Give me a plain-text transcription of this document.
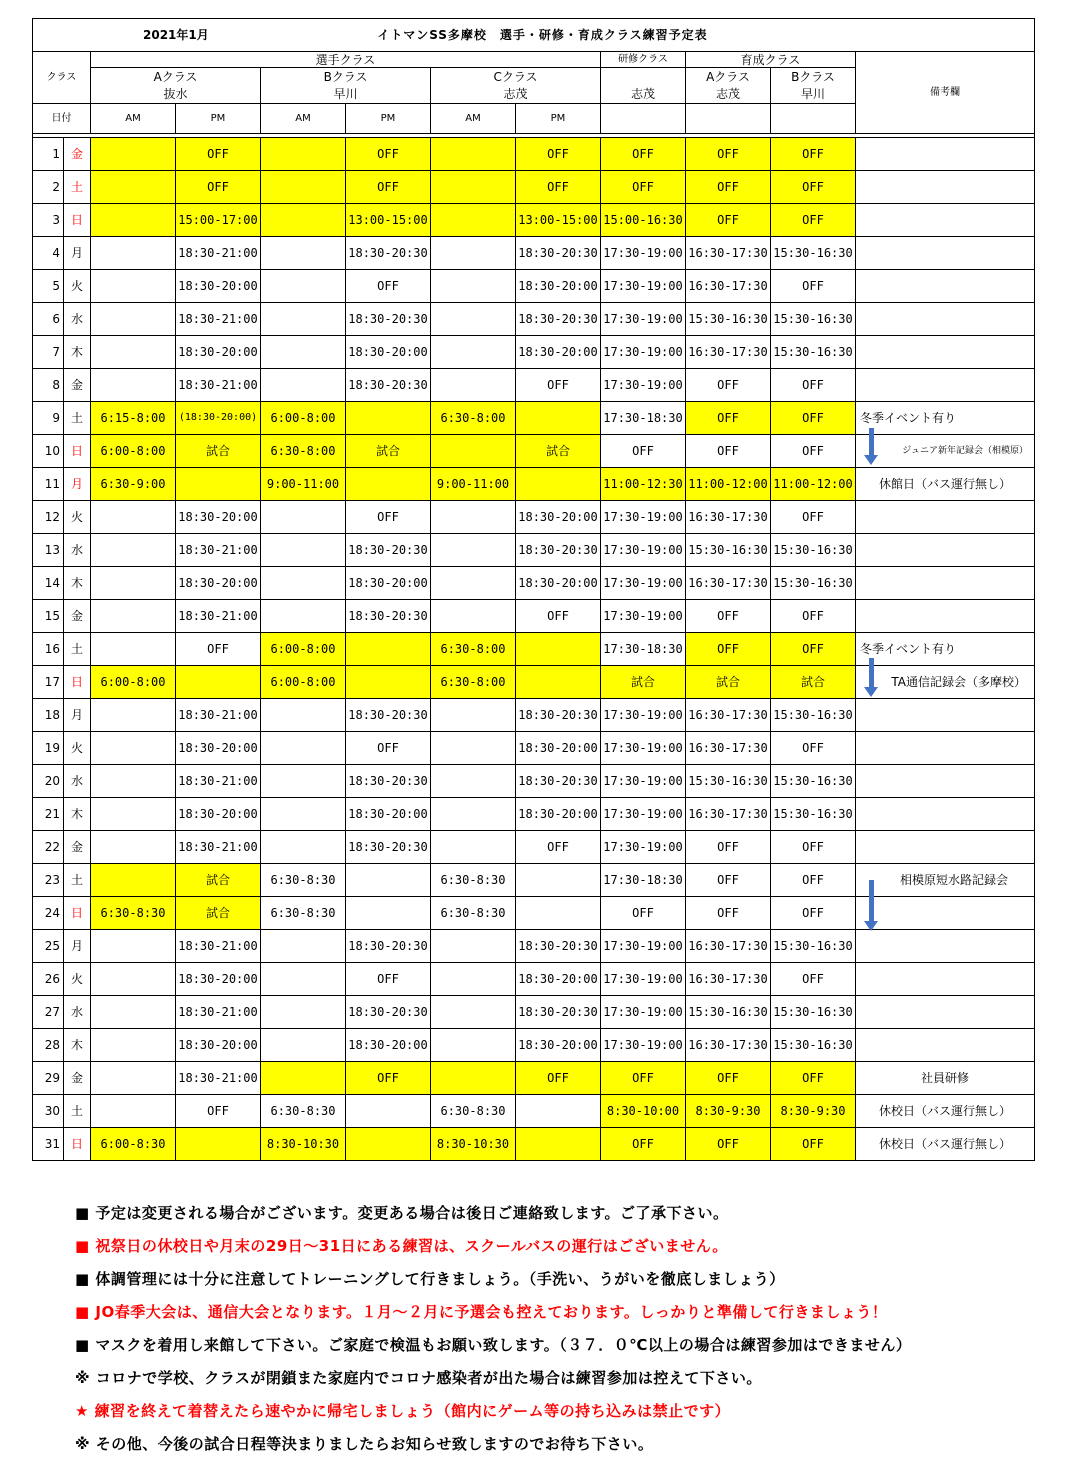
2021年1月 イトマンSS多摩校　選手・研修・育成クラス練習予定表											
クラス		選手クラス						研修クラス	育成クラス		備考欄
		Aクラス		Bクラス		Cクラス		志茂	Aクラス	Bクラス	
		抜水		早川		志茂			志茂	早川	
日付		AM	PM	AM	PM	AM	PM				

1	金		OFF		OFF		OFF	OFF	OFF	OFF	
2	土		OFF		OFF		OFF	OFF	OFF	OFF	
3	日		15:00-17:00		13:00-15:00		13:00-15:00	15:00-16:30	OFF	OFF	
4	月		18:30-21:00		18:30-20:30		18:30-20:30	17:30-19:00	16:30-17:30	15:30-16:30	
5	火		18:30-20:00		OFF		18:30-20:00	17:30-19:00	16:30-17:30	OFF	
6	水		18:30-21:00		18:30-20:30		18:30-20:30	17:30-19:00	15:30-16:30	15:30-16:30	
7	木		18:30-20:00		18:30-20:00		18:30-20:00	17:30-19:00	16:30-17:30	15:30-16:30	
8	金		18:30-21:00		18:30-20:30		OFF	17:30-19:00	OFF	OFF	
9	土	6:15-8:00	(18:30-20:00)	6:00-8:00		6:30-8:00		17:30-18:30	OFF	OFF	冬季イベント有り
10	日	6:00-8:00	試合	6:30-8:00	試合		試合	OFF	OFF	OFF	ジュニア新年記録会（相模原）
11	月	6:30-9:00		9:00-11:00		9:00-11:00		11:00-12:30	11:00-12:00	11:00-12:00	休館日（バス運行無し）
12	火		18:30-20:00		OFF		18:30-20:00	17:30-19:00	16:30-17:30	OFF	
13	水		18:30-21:00		18:30-20:30		18:30-20:30	17:30-19:00	15:30-16:30	15:30-16:30	
14	木		18:30-20:00		18:30-20:00		18:30-20:00	17:30-19:00	16:30-17:30	15:30-16:30	
15	金		18:30-21:00		18:30-20:30		OFF	17:30-19:00	OFF	OFF	
16	土		OFF	6:00-8:00		6:30-8:00		17:30-18:30	OFF	OFF	冬季イベント有り
17	日	6:00-8:00		6:00-8:00		6:30-8:00		試合	試合	試合	TA通信記録会（多摩校）
18	月		18:30-21:00		18:30-20:30		18:30-20:30	17:30-19:00	16:30-17:30	15:30-16:30	
19	火		18:30-20:00		OFF		18:30-20:00	17:30-19:00	16:30-17:30	OFF	
20	水		18:30-21:00		18:30-20:30		18:30-20:30	17:30-19:00	15:30-16:30	15:30-16:30	
21	木		18:30-20:00		18:30-20:00		18:30-20:00	17:30-19:00	16:30-17:30	15:30-16:30	
22	金		18:30-21:00		18:30-20:30		OFF	17:30-19:00	OFF	OFF	
23	土		試合	6:30-8:30		6:30-8:30		17:30-18:30	OFF	OFF	相模原短水路記録会
24	日	6:30-8:30	試合	6:30-8:30		6:30-8:30		OFF	OFF	OFF	
25	月		18:30-21:00		18:30-20:30		18:30-20:30	17:30-19:00	16:30-17:30	15:30-16:30	
26	火		18:30-20:00		OFF		18:30-20:00	17:30-19:00	16:30-17:30	OFF	
27	水		18:30-21:00		18:30-20:30		18:30-20:30	17:30-19:00	15:30-16:30	15:30-16:30	
28	木		18:30-20:00		18:30-20:00		18:30-20:00	17:30-19:00	16:30-17:30	15:30-16:30	
29	金		18:30-21:00		OFF		OFF	OFF	OFF	OFF	社員研修
30	土		OFF	6:30-8:30		6:30-8:30		8:30-10:00	8:30-9:30	8:30-9:30	休校日（バス運行無し）
31	日	6:00-8:30		8:30-10:30		8:30-10:30		OFF	OFF	OFF	休校日（バス運行無し）
■ 予定は変更される場合がございます。変更ある場合は後日ご連絡致します。ご了承下さい。
■ 祝祭日の休校日や月末の29日～31日にある練習は、スクールバスの運行はございません。
■ 体調管理には十分に注意してトレーニングして行きましょう。（手洗い、うがいを徹底しましょう）
■ JO春季大会は、通信大会となります。１月～２月に予選会も控えております。しっかりと準備して行きましょう！
■ マスクを着用し来館して下さい。ご家庭で検温もお願い致します。（３７．０℃以上の場合は練習参加はできません）
※ コロナで学校、クラスが閉鎖また家庭内でコロナ感染者が出た場合は練習参加は控えて下さい。
★ 練習を終えて着替えたら速やかに帰宅しましょう（館内にゲーム等の持ち込みは禁止です）
※ その他、今後の試合日程等決まりましたらお知らせ致しますのでお待ち下さい。
